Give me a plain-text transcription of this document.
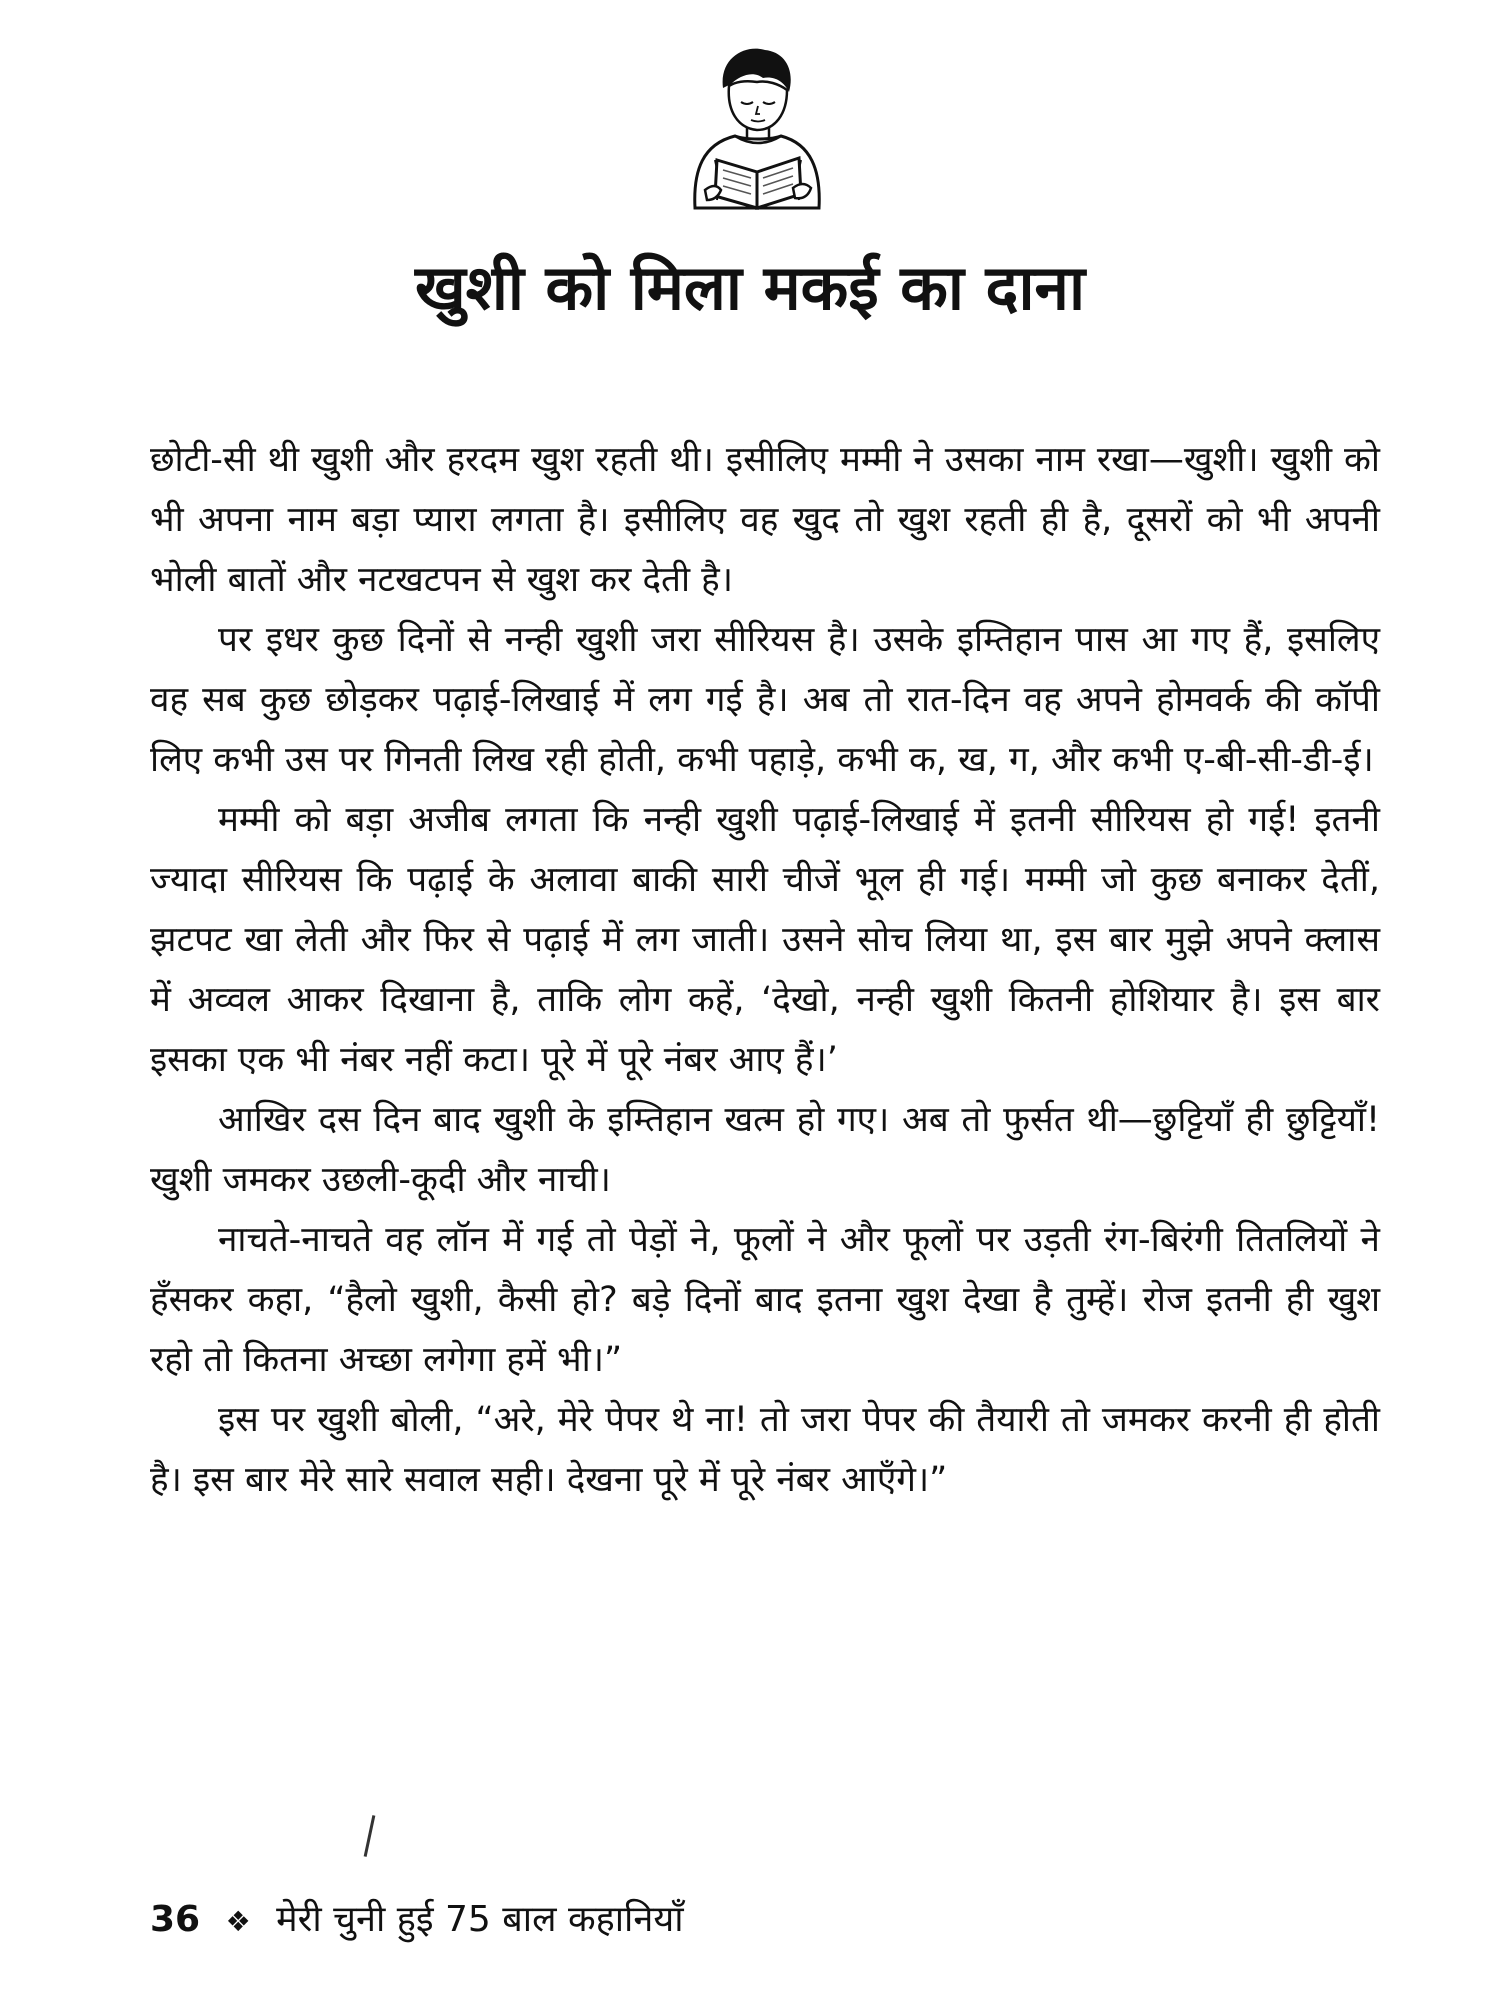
खुशी को मिला मकई का दाना

छोटी-सी थी खुशी और हरदम खुश रहती थी। इसीलिए मम्मी ने उसका नाम रखा—खुशी। खुशी को भी अपना नाम बड़ा प्यारा लगता है। इसीलिए वह खुद तो खुश रहती ही है, दूसरों को भी अपनी भोली बातों और नटखटपन से खुश कर देती है।

पर इधर कुछ दिनों से नन्ही खुशी जरा सीरियस है। उसके इम्तिहान पास आ गए हैं, इसलिए वह सब कुछ छोड़कर पढ़ाई-लिखाई में लग गई है। अब तो रात-दिन वह अपने होमवर्क की कॉपी लिए कभी उस पर गिनती लिख रही होती, कभी पहाड़े, कभी क, ख, ग, और कभी ए-बी-सी-डी-ई।

मम्मी को बड़ा अजीब लगता कि नन्ही खुशी पढ़ाई-लिखाई में इतनी सीरियस हो गई! इतनी ज्यादा सीरियस कि पढ़ाई के अलावा बाकी सारी चीजें भूल ही गई। मम्मी जो कुछ बनाकर देतीं, झटपट खा लेती और फिर से पढ़ाई में लग जाती। उसने सोच लिया था, इस बार मुझे अपने क्लास में अव्वल आकर दिखाना है, ताकि लोग कहें, ‘देखो, नन्ही खुशी कितनी होशियार है। इस बार इसका एक भी नंबर नहीं कटा। पूरे में पूरे नंबर आए हैं।’

आखिर दस दिन बाद खुशी के इम्तिहान खत्म हो गए। अब तो फुर्सत थी—छुट्टियाँ ही छुट्टियाँ! खुशी जमकर उछली-कूदी और नाची।

नाचते-नाचते वह लॉन में गई तो पेड़ों ने, फूलों ने और फूलों पर उड़ती रंग-बिरंगी तितलियों ने हँसकर कहा, “हैलो खुशी, कैसी हो? बड़े दिनों बाद इतना खुश देखा है तुम्हें। रोज इतनी ही खुश रहो तो कितना अच्छा लगेगा हमें भी।”

इस पर खुशी बोली, “अरे, मेरे पेपर थे ना! तो जरा पेपर की तैयारी तो जमकर करनी ही होती है। इस बार मेरे सारे सवाल सही। देखना पूरे में पूरे नंबर आएँगे।”

36 ❖ मेरी चुनी हुई 75 बाल कहानियाँ
